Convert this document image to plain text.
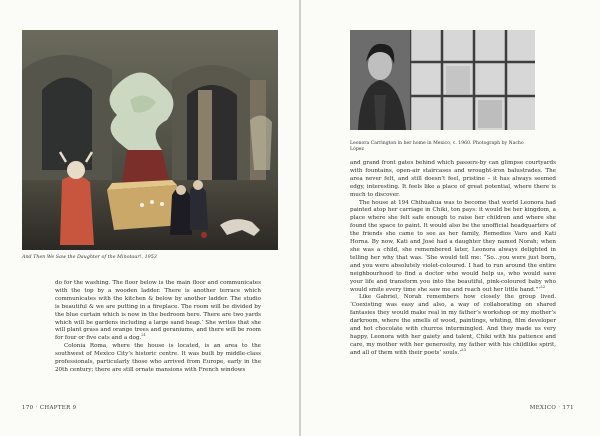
And Then We Saw the Daughter of the Minotaur!, 1953

do for the washing. The floor below is the main floor and communicates with the top by a wooden ladder. There is another terrace which communicates with the kitchen & below by another ladder. The studio is beautiful & we are putting in a fireplace. The room will be divided by the blue curtain which is now in the bedroom here. There are two yards which will be gardens including a large sand heap.’ She writes that she will plant grass and orange trees and geraniums, and there will be room for four or five cats and a dog.$^{21}$

Colonia Roma, where the house is located, is an area to the southwest of Mexico City’s historic centre. It was built by middle-class professionals, particularly those who arrived from Europe, early in the 20th century; there are still ornate mansions with French windows

170 · CHAPTER 9
Leonora Carrington in her home in Mexico, c. 1960. Photograph by Nacho López

and grand front gates behind which passers-by can glimpse courtyards with fountains, open-air staircases and wrought-iron balustrades. The area never felt, and still doesn’t feel, pristine – it has always seemed edgy, interesting. It feels like a place of great potential, where there is much to discover.

The house at 194 Chihuahua was to become that world Leonora had painted atop her carriage in Chiki, ton pays: it would be her kingdom, a place where she felt safe enough to raise her children and where she found the space to paint. It would also be the unofficial headquarters of the friends she came to see as her family, Remedios Varo and Kati Horna. By now, Kati and José had a daughter they named Norah; when she was a child, she remembered later, Leonora always delighted in telling her why that was. ‘She would tell me: “So…you were just born, and you were absolutely violet-coloured. I had to run around the entire neighbourhood to find a doctor who would help us, who would save your life and transform you into the beautiful, pink-coloured baby who would smile every time she saw me and reach out her little hand.”’$^{22}$

Like Gabriel, Norah remembers how closely the group lived. ‘Coexisting was easy and also, a way of collaborating on shared fantasies they would make real in my father’s workshop or my mother’s darkroom, where the smells of wood, paintings, whiting, film developer and hot chocolate with churros intermingled. And they made us very happy, Leonora with her gaiety and talent, Chiki with his patience and care, my mother with her generosity, my father with his childlike spirit, and all of them with their poets’ souls.’$^{23}$

MEXICO · 171
